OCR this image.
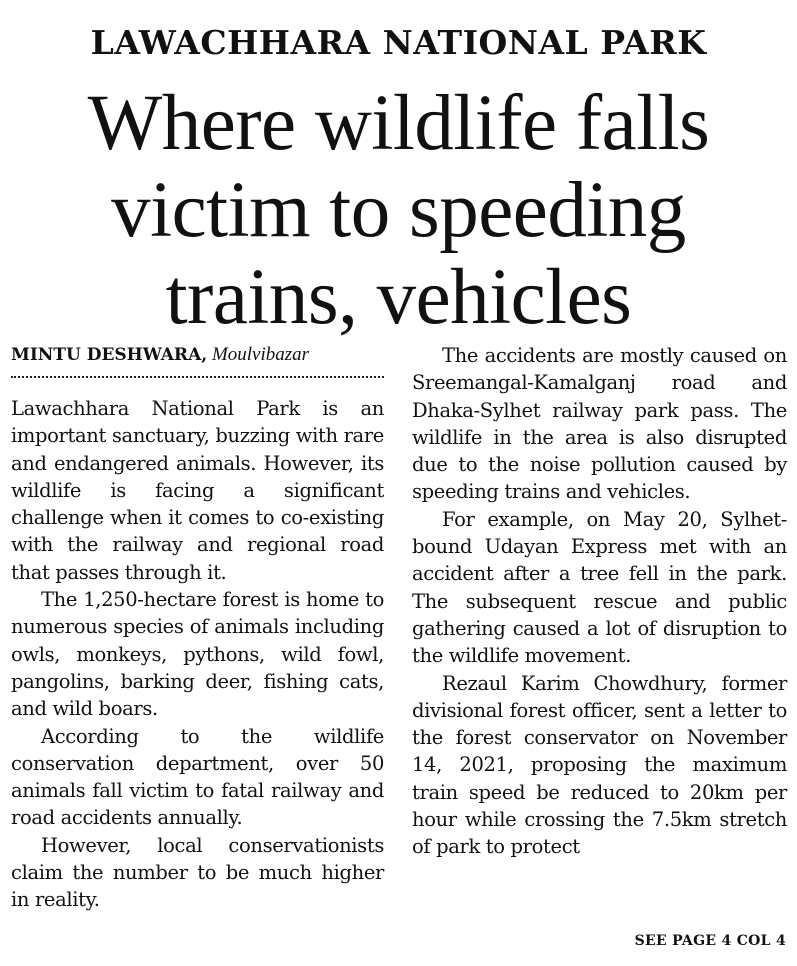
LAWACHHARA NATIONAL PARK
Where wildlife falls
victim to speeding
trains, vehicles
MINTU DESHWARA, Moulvibazar

Lawachhara National Park is an important sanctuary, buzzing with rare and endangered animals. However, its wildlife is facing a significant challenge when it comes to co-existing with the railway and regional road that passes through it.

The 1,250-hectare forest is home to numerous species of animals including owls, monkeys, pythons, wild fowl, pangolins, barking deer, fishing cats, and wild boars.

According to the wildlife conservation department, over 50 animals fall victim to fatal railway and road accidents annually.

However, local conservationists claim the number to be much higher in reality.

The accidents are mostly caused on Sreemangal-Kamalganj road and Dhaka-Sylhet railway park pass. The wildlife in the area is also disrupted due to the noise pollution caused by speeding trains and vehicles.

For example, on May 20, Sylhet-bound Udayan Express met with an accident after a tree fell in the park. The subsequent rescue and public gathering caused a lot of disruption to the wildlife movement.

Rezaul Karim Chowdhury, former divisional forest officer, sent a letter to the forest conservator on November 14, 2021, proposing the maximum train speed be reduced to 20km per hour while crossing the 7.5km stretch of park to protect

SEE PAGE 4 COL 4
